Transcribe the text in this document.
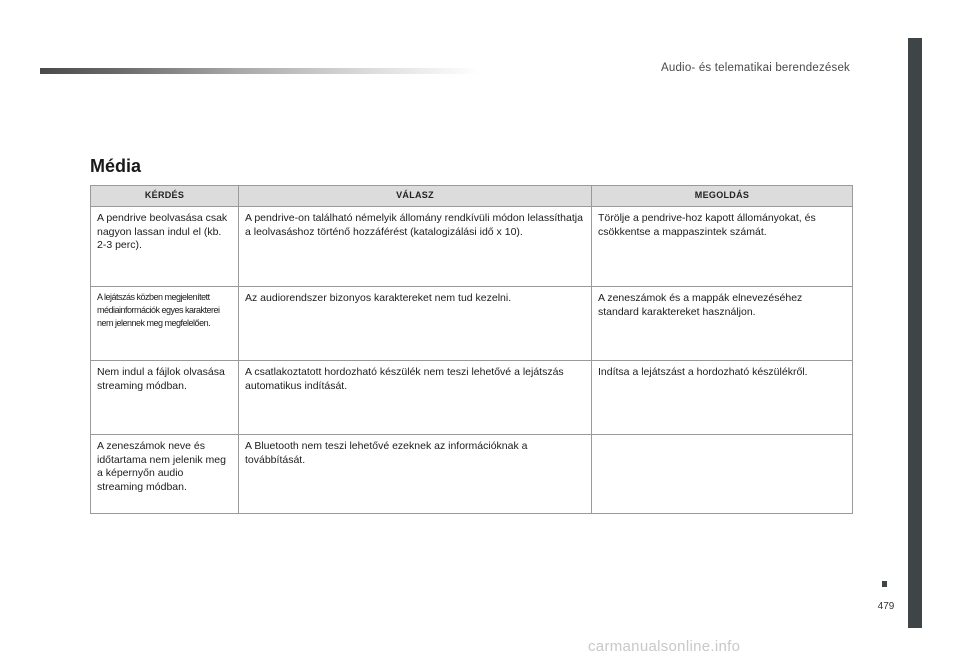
Audio- és telematikai berendezések
479
Média
KÉRDÉS	VÁLASZ	MEGOLDÁS
A pendrive beolvasása csak nagyon lassan indul el (kb. 2-3 perc).	A pendrive-on található némelyik állomány rendkívüli módon lelassíthatja a leolvasáshoz történő hozzáférést (katalogizálási idő x 10).	Törölje a pendrive-hoz kapott állományokat, és csökkentse a mappaszintek számát.
A lejátszás közben megjelenített médiainformációk egyes karakterei nem jelennek meg megfelelően.	Az audiorendszer bizonyos karaktereket nem tud kezelni.	A zeneszámok és a mappák elnevezéséhez standard karaktereket használjon.
Nem indul a fájlok olvasása streaming módban.	A csatlakoztatott hordozható készülék nem teszi lehetővé a lejátszás automatikus indítását.	Indítsa a lejátszást a hordozható készülékről.
A zeneszámok neve és időtartama nem jelenik meg a képernyőn audio streaming módban.	A Bluetooth nem teszi lehetővé ezeknek az információknak a továbbítását.	
carmanualsonline.info
